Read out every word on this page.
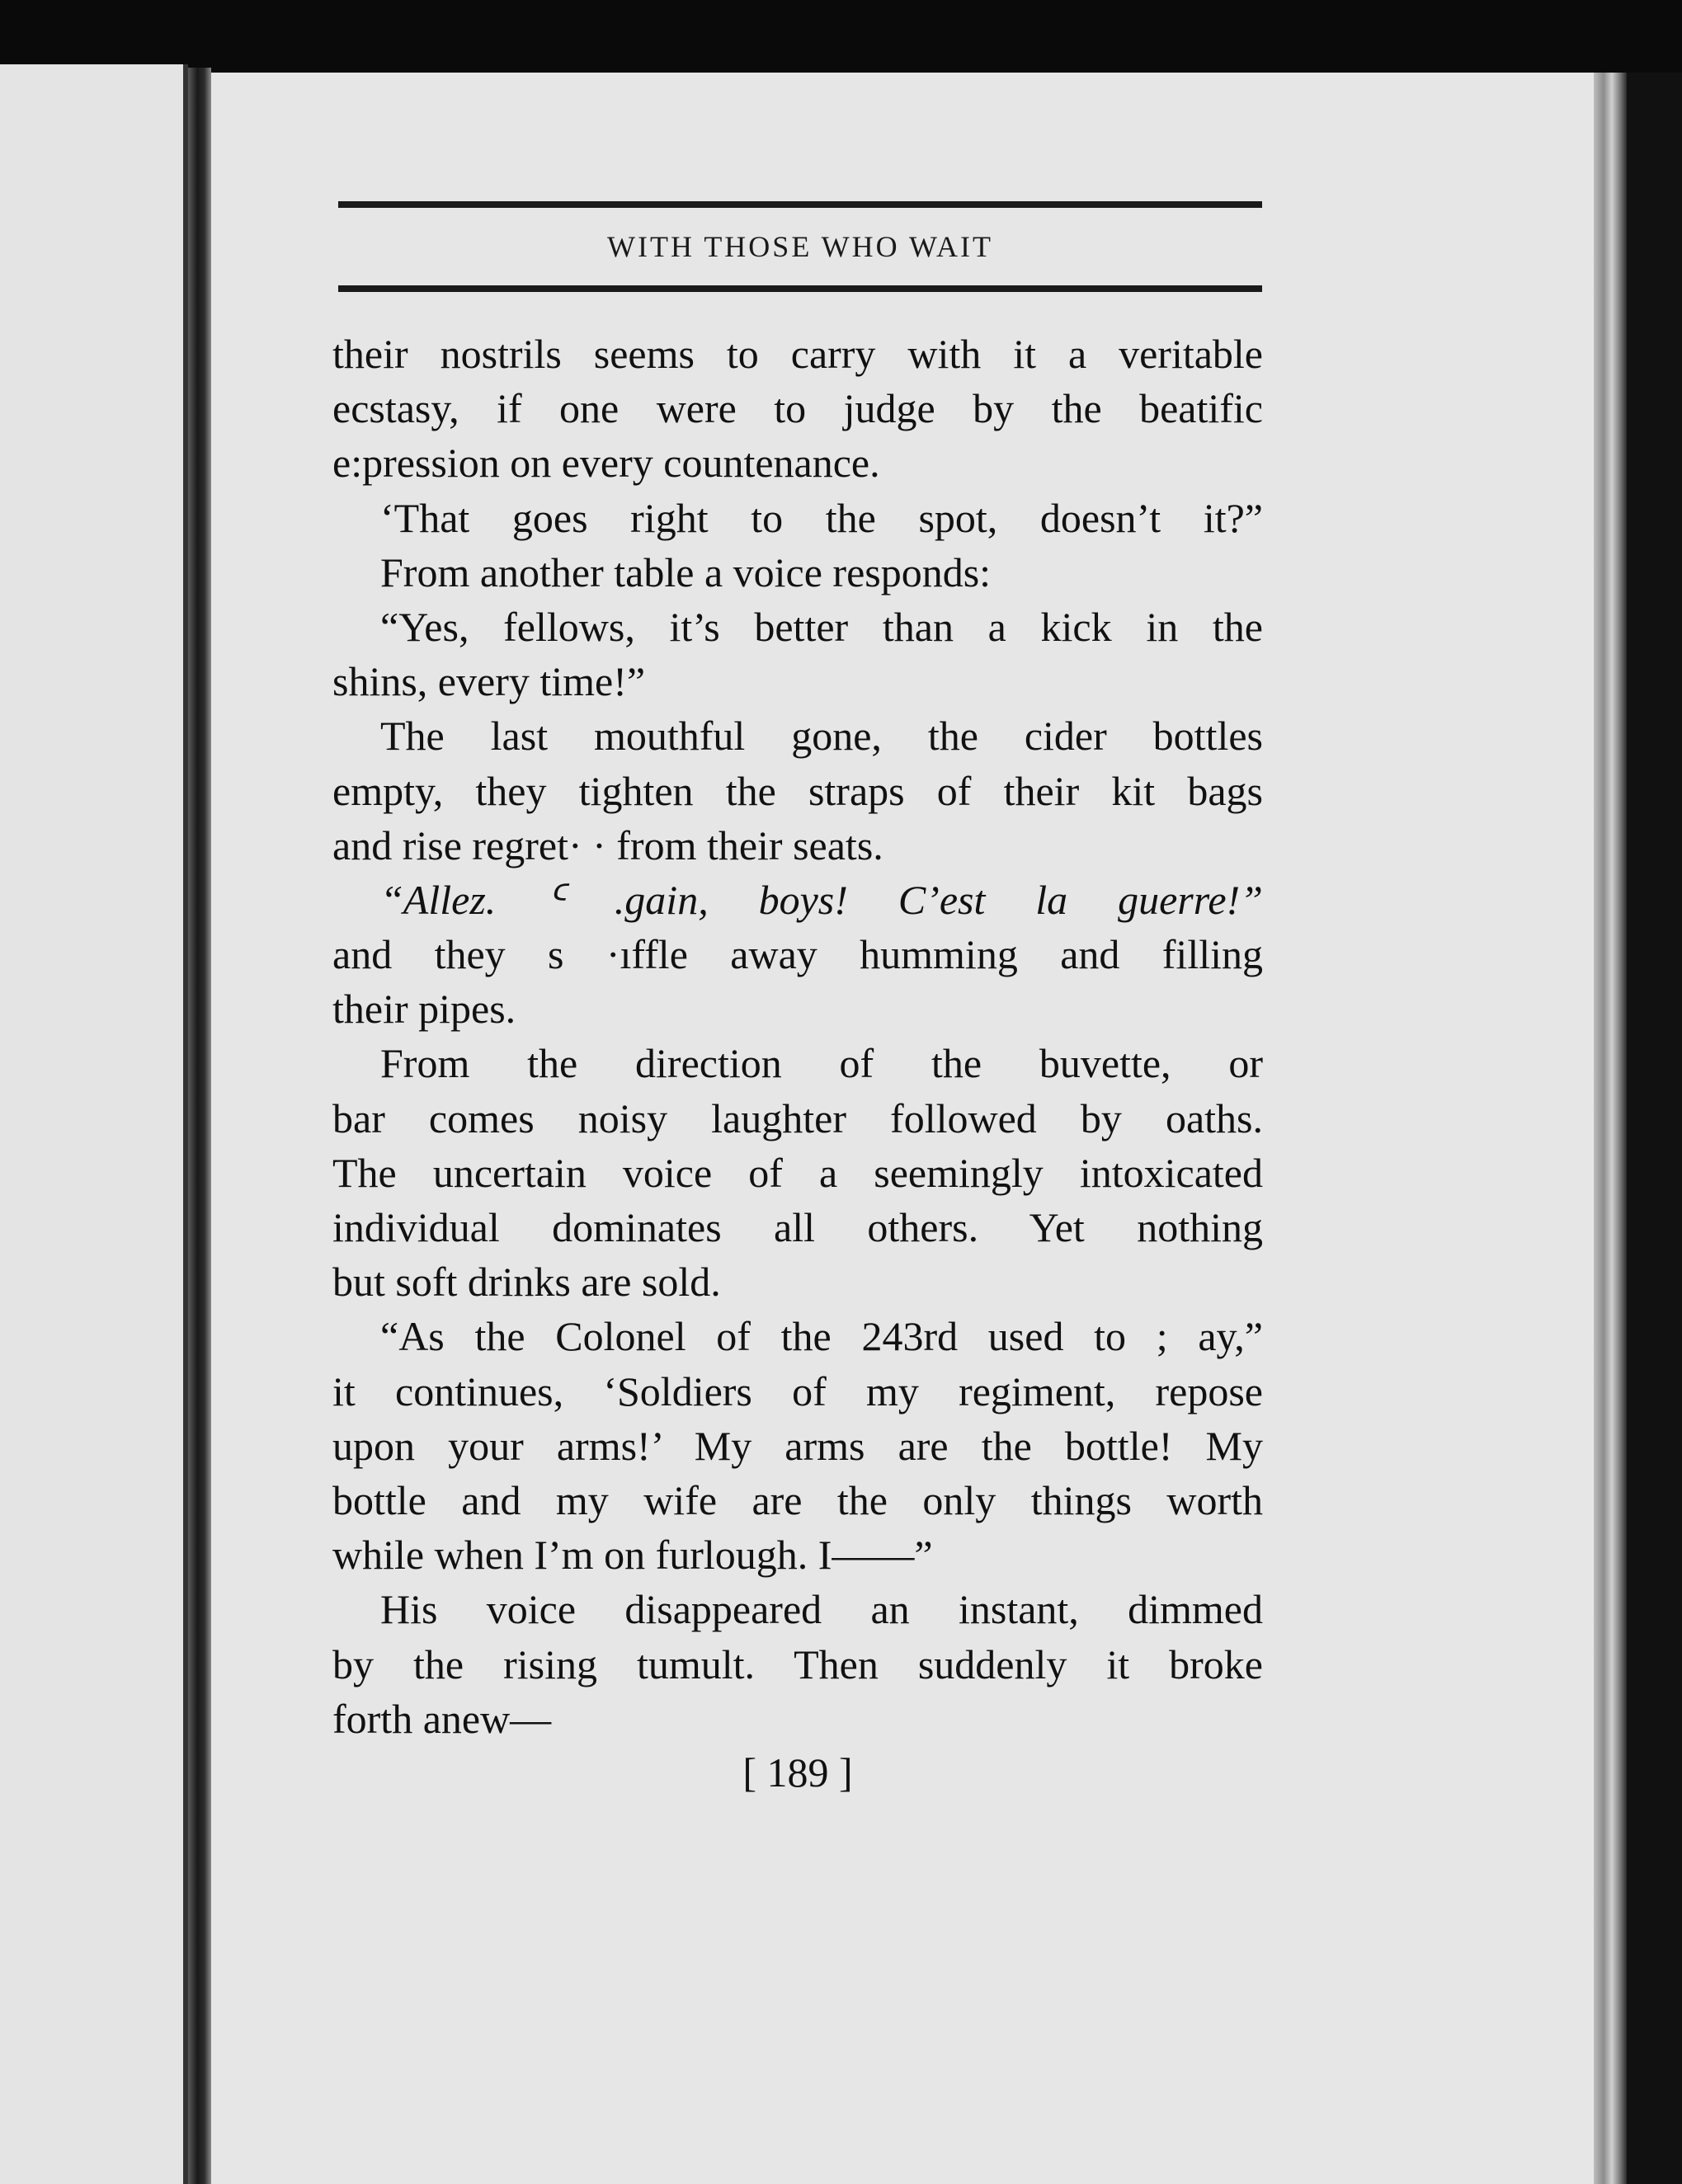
WITH THOSE WHO WAIT
their nostrils seems to carry with it a veritable
ecstasy, if one were to judge by the beatific
e:pression on every countenance.
‘That goes right to the spot, doesn’t it?”
From another table a voice responds:
“Yes, fellows, it’s better than a kick in the
shins, every time!”
The last mouthful gone, the cider bottles
empty, they tighten the straps of their kit bags
and rise regret· · from their seats.
“Allez. ᑦ .gain, boys! C’est la guerre!”
and they s ·ıffle away humming and filling
their pipes.
From the direction of the buvette, or
bar comes noisy laughter followed by oaths.
The uncertain voice of a seemingly intoxicated
individual dominates all others. Yet nothing
but soft drinks are sold.
“As the Colonel of the 243rd used to ; ay,”
it continues, ‘Soldiers of my regiment, repose
upon your arms!’ My arms are the bottle! My
bottle and my wife are the only things worth
while when I’m on furlough. I——”
His voice disappeared an instant, dimmed
by the rising tumult. Then suddenly it broke
forth anew—
[ 189 ]
